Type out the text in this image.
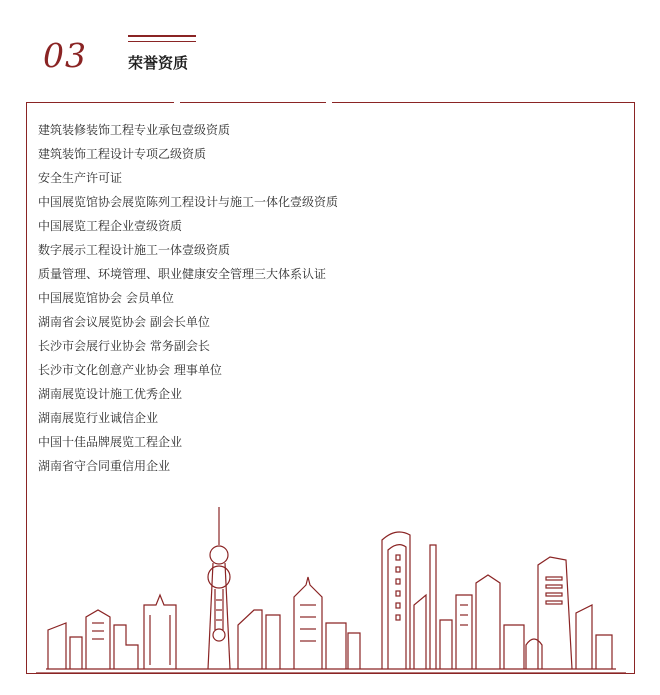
03	荣誉资质
建筑装修装饰工程专业承包壹级资质
建筑装饰工程设计专项乙级资质
安全生产许可证
中国展览馆协会展览陈列工程设计与施工一体化壹级资质
中国展览工程企业壹级资质
数字展示工程设计施工一体壹级资质
质量管理、环境管理、职业健康安全管理三大体系认证
中国展览馆协会 会员单位
湖南省会议展览协会 副会长单位
长沙市会展行业协会 常务副会长
长沙市文化创意产业协会 理事单位
湖南展览设计施工优秀企业
湖南展览行业诚信企业
中国十佳品牌展览工程企业
湖南省守合同重信用企业
